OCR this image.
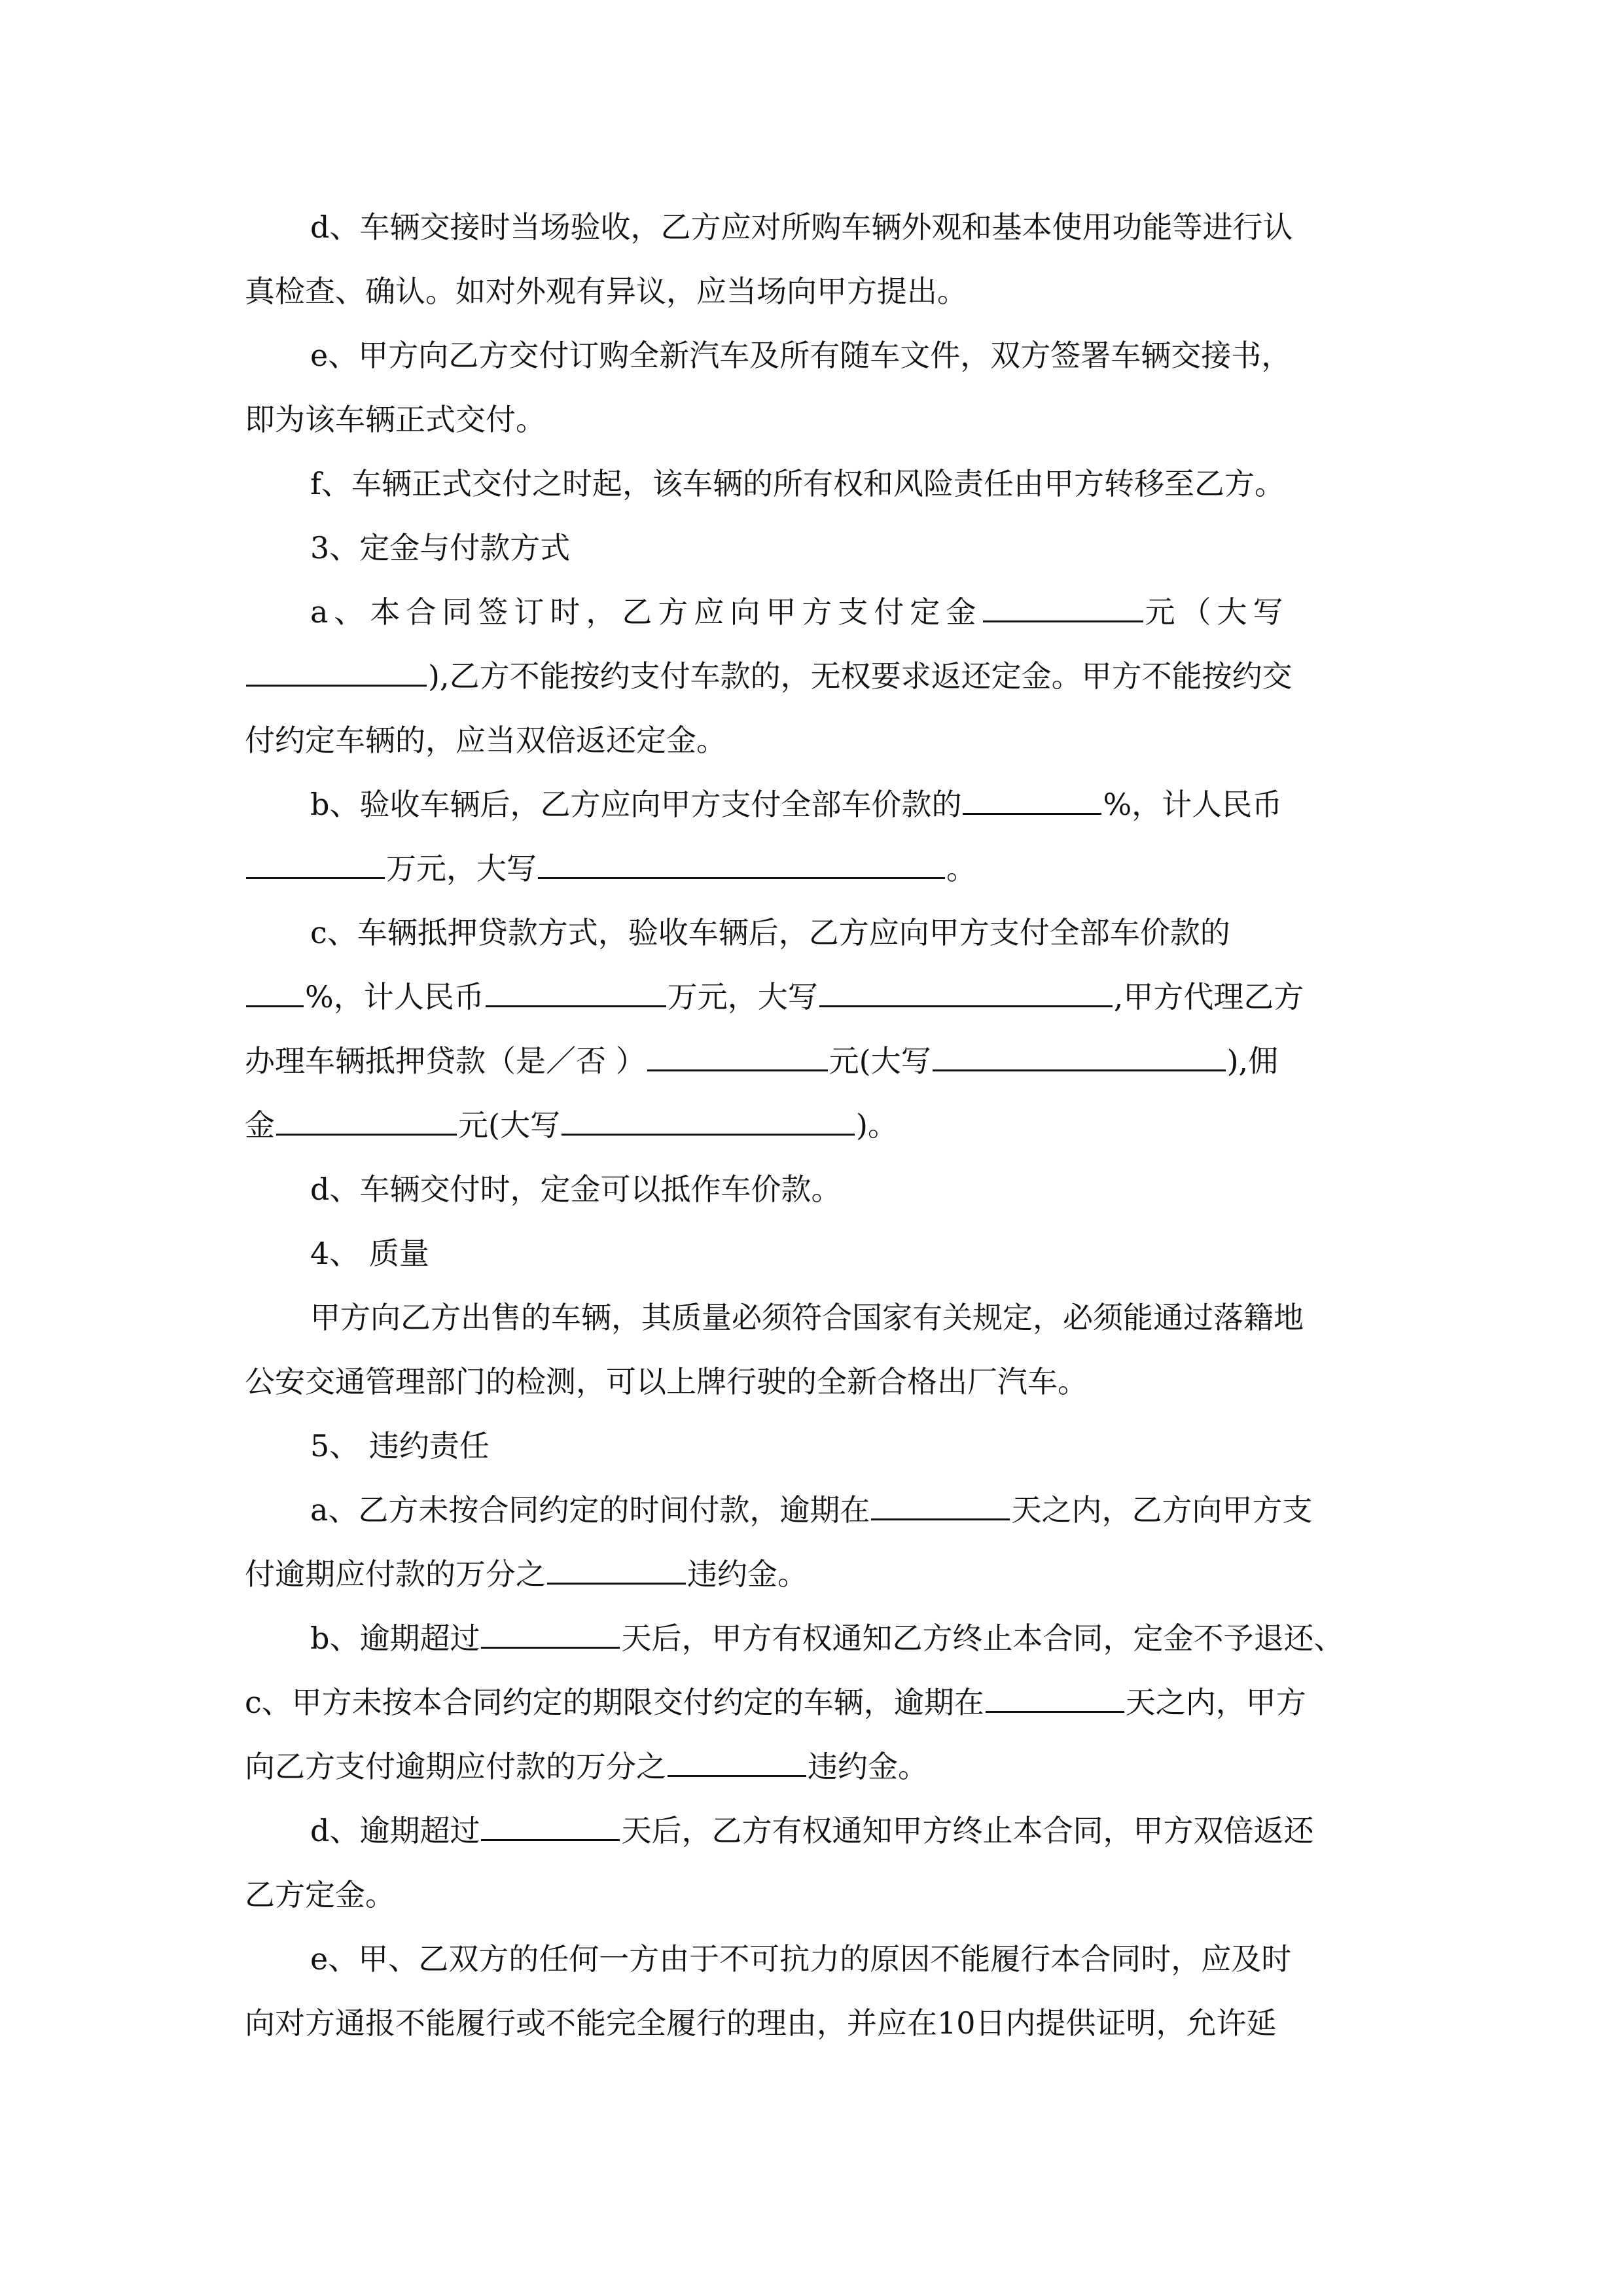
d、车辆交接时当场验收，乙方应对所购车辆外观和基本使用功能等进行认
真检查、确认。如对外观有异议，应当场向甲方提出。
e、甲方向乙方交付订购全新汽车及所有随车文件，双方签署车辆交接书，
即为该车辆正式交付。
f、车辆正式交付之时起，该车辆的所有权和风险责任由甲方转移至乙方。
3、定金与付款方式
a、本合同签订时，乙方应向甲方支付定金	元（大写
),乙方不能按约支付车款的，无权要求返还定金。甲方不能按约交
付约定车辆的，应当双倍返还定金。
b、验收车辆后，乙方应向甲方支付全部车价款的	%，计人民币
万元，大写	。
c、车辆抵押贷款方式，验收车辆后，乙方应向甲方支付全部车价款的
%，计人民币	万元，大写	,甲方代理乙方
办理车辆抵押贷款（是／否 ）	元(大写	),佣
金	元(大写	)。
d、车辆交付时，定金可以抵作车价款。
4、 质量
甲方向乙方出售的车辆，其质量必须符合国家有关规定，必须能通过落籍地
公安交通管理部门的检测，可以上牌行驶的全新合格出厂汽车。
5、 违约责任
a、乙方未按合同约定的时间付款，逾期在	天之内，乙方向甲方支
付逾期应付款的万分之	违约金。
b、逾期超过	天后，甲方有权通知乙方终止本合同，定金不予退还、
c、甲方未按本合同约定的期限交付约定的车辆，逾期在	天之内，甲方
向乙方支付逾期应付款的万分之	违约金。
d、逾期超过	天后，乙方有权通知甲方终止本合同，甲方双倍返还
乙方定金。
e、甲、乙双方的任何一方由于不可抗力的原因不能履行本合同时，应及时
向对方通报不能履行或不能完全履行的理由，并应在10日内提供证明，允许延
